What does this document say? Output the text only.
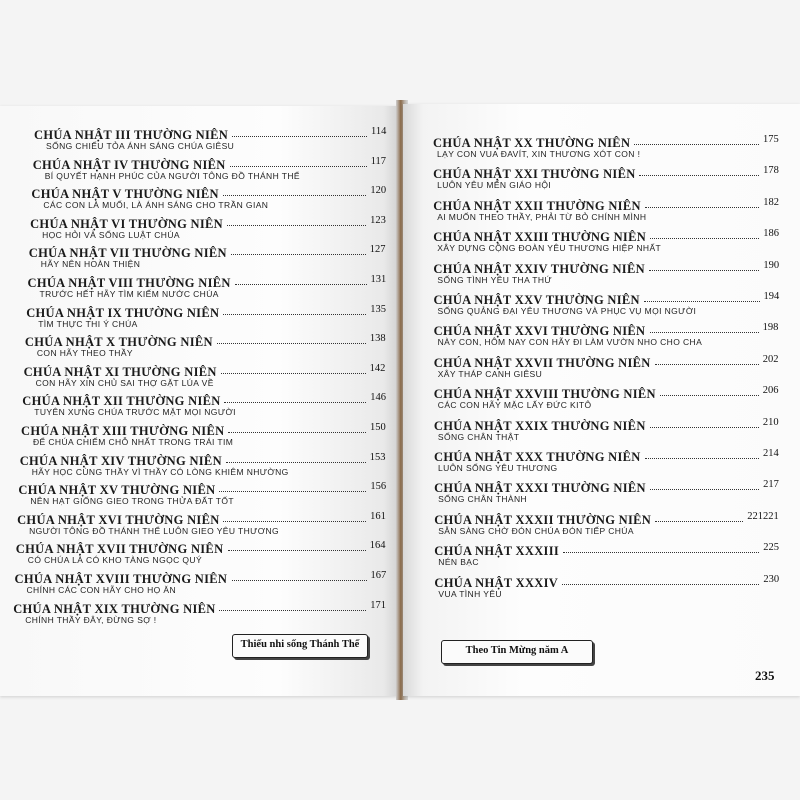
CHÚA NHẬT III THƯỜNG NIÊN	114
SỐNG CHIẾU TỎA ÁNH SÁNG CHÚA GIÊSU
CHÚA NHẬT IV THƯỜNG NIÊN	117
BÍ QUYẾT HẠNH PHÚC CỦA NGƯỜI TÔNG ĐỒ THÁNH THỂ
CHÚA NHẬT V THƯỜNG NIÊN	120
CÁC CON LÀ MUỐI, LÀ ÁNH SÁNG CHO TRẦN GIAN
CHÚA NHẬT VI THƯỜNG NIÊN	123
HỌC HỎI VÀ SỐNG LUẬT CHÚA
CHÚA NHẬT VII THƯỜNG NIÊN	127
HÃY NÊN HOÀN THIỆN
CHÚA NHẬT VIII THƯỜNG NIÊN	131
TRƯỚC HẾT HÃY TÌM KIẾM NƯỚC CHÚA
CHÚA NHẬT IX THƯỜNG NIÊN	135
TÌM THỰC THI Ý CHÚA
CHÚA NHẬT X THƯỜNG NIÊN	138
CON HÃY THEO THẦY
CHÚA NHẬT XI THƯỜNG NIÊN	142
CON HÃY XIN CHỦ SAI THỢ GẶT LÚA VỀ
CHÚA NHẬT XII THƯỜNG NIÊN	146
TUYÊN XƯNG CHÚA TRƯỚC MẶT MỌI NGƯỜI
CHÚA NHẬT XIII THƯỜNG NIÊN	150
ĐỂ CHÚA CHIẾM CHỖ NHẤT TRONG TRÁI TIM
CHÚA NHẬT XIV THƯỜNG NIÊN	153
HÃY HỌC CÙNG THẦY VÌ THẦY CÓ LÒNG KHIÊM NHƯỜNG
CHÚA NHẬT XV THƯỜNG NIÊN	156
NÊN HẠT GIỐNG GIEO TRONG THỬA ĐẤT TỐT
CHÚA NHẬT XVI THƯỜNG NIÊN	161
NGƯỜI TÔNG ĐỒ THÁNH THỂ LUÔN GIEO YÊU THƯƠNG
CHÚA NHẬT XVII THƯỜNG NIÊN	164
CÓ CHÚA LÀ CÓ KHO TÀNG NGỌC QUÝ
CHÚA NHẬT XVIII THƯỜNG NIÊN	167
CHÍNH CÁC CON HÃY CHO HỌ ĂN
CHÚA NHẬT XIX THƯỜNG NIÊN	171
CHÍNH THẦY ĐÂY, ĐỪNG SỢ !
Thiếu nhi sống Thánh Thể
CHÚA NHẬT XX THƯỜNG NIÊN	175
LẠY CON VUA ĐAVÍT, XIN THƯƠNG XÓT CON !
CHÚA NHẬT XXI THƯỜNG NIÊN	178
LUÔN YÊU MẾN GIÁO HỘI
CHÚA NHẬT XXII THƯỜNG NIÊN	182
AI MUỐN THEO THẦY, PHẢI TỪ BỎ CHÍNH MÌNH
CHÚA NHẬT XXIII THƯỜNG NIÊN	186
XÂY DỰNG CỘNG ĐOÀN YÊU THƯƠNG HIỆP NHẤT
CHÚA NHẬT XXIV THƯỜNG NIÊN	190
SỐNG TÌNH YÊU THA THỨ
CHÚA NHẬT XXV THƯỜNG NIÊN	194
SỐNG QUẢNG ĐẠI YÊU THƯƠNG VÀ PHỤC VỤ MỌI NGƯỜI
CHÚA NHẬT XXVI THƯỜNG NIÊN	198
NÀY CON, HÔM NAY CON HÃY ĐI LÀM VƯỜN NHO CHO CHA
CHÚA NHẬT XXVII THƯỜNG NIÊN	202
XÂY THÁP CANH GIÊSU
CHÚA NHẬT XXVIII THƯỜNG NIÊN	206
CÁC CON HÃY MẶC LẤY ĐỨC KITÔ
CHÚA NHẬT XXIX THƯỜNG NIÊN	210
SỐNG CHÂN THẬT
CHÚA NHẬT XXX THƯỜNG NIÊN	214
LUÔN SỐNG YÊU THƯƠNG
CHÚA NHẬT XXXI THƯỜNG NIÊN	217
SỐNG CHÂN THÀNH
CHÚA NHẬT XXXII THƯỜNG NIÊN	221221
SẴN SÀNG CHỜ ĐÓN CHÚA ĐÓN TIẾP CHÚA
CHÚA NHẬT XXXIII	225
NÉN BẠC
CHÚA NHẬT XXXIV	230
VUA TÌNH YÊU
Theo Tin Mừng năm A
235
